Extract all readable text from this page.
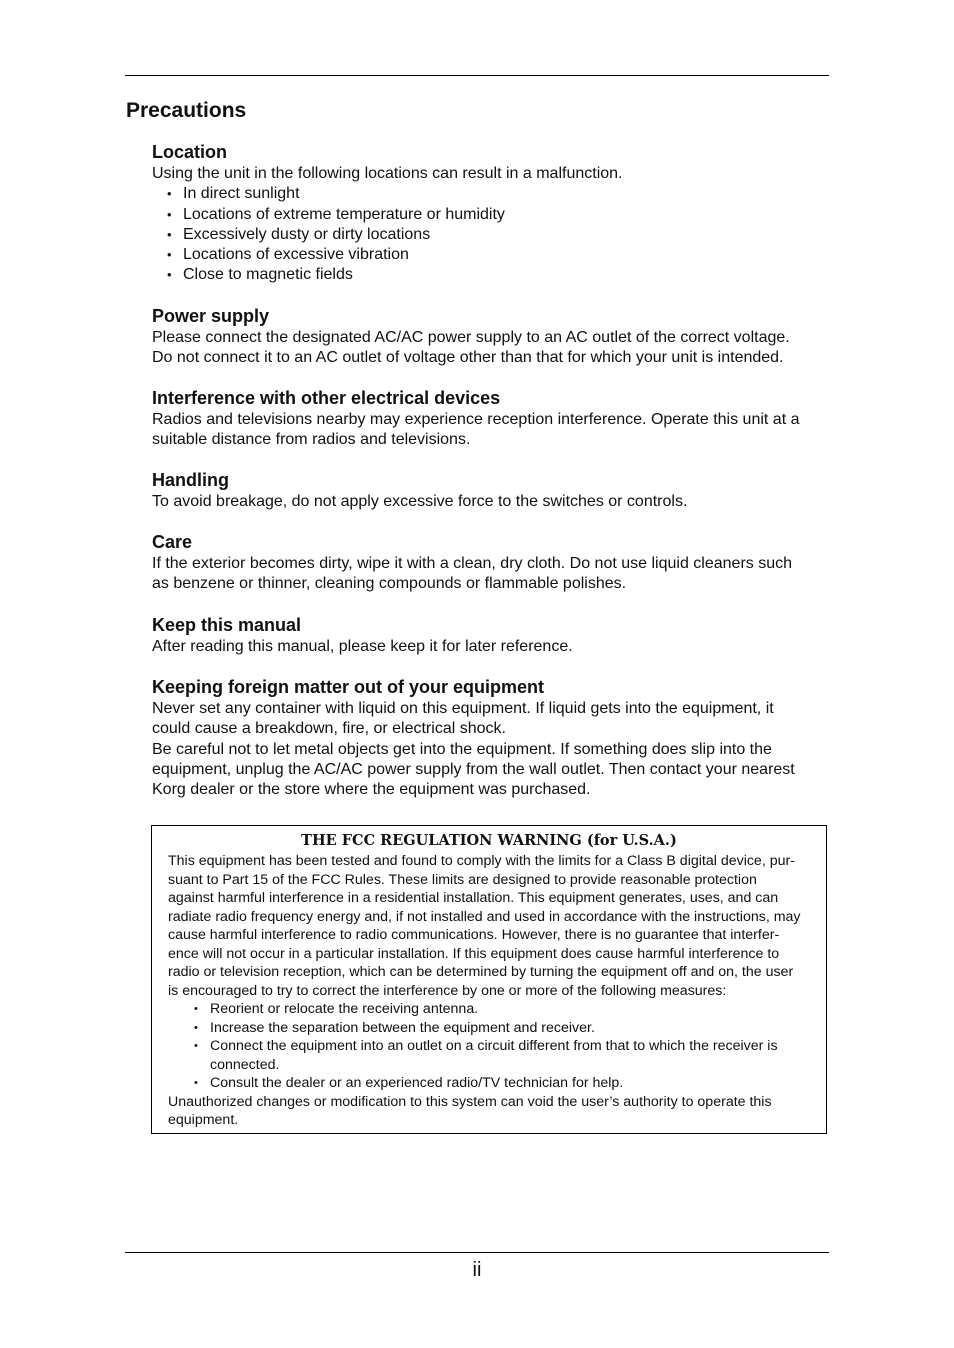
Precautions
Location

Using the unit in the following locations can result in a malfunction.

• In direct sunlight
• Locations of extreme temperature or humidity
• Excessively dusty or dirty locations
• Locations of excessive vibration
• Close to magnetic fields
Power supply

Please connect the designated AC/AC power supply to an AC outlet of the correct voltage.

Do not connect it to an AC outlet of voltage other than that for which your unit is intended.

Interference with other electrical devices

Radios and televisions nearby may experience reception interference. Operate this unit at a

suitable distance from radios and televisions.

Handling

To avoid breakage, do not apply excessive force to the switches or controls.

Care

If the exterior becomes dirty, wipe it with a clean, dry cloth. Do not use liquid cleaners such

as benzene or thinner, cleaning compounds or flammable polishes.

Keep this manual

After reading this manual, please keep it for later reference.

Keeping foreign matter out of your equipment

Never set any container with liquid on this equipment. If liquid gets into the equipment, it

could cause a breakdown, fire, or electrical shock.

Be careful not to let metal objects get into the equipment. If something does slip into the

equipment, unplug the AC/AC power supply from the wall outlet. Then contact your nearest

Korg dealer or the store where the equipment was purchased.

THE FCC REGULATION WARNING (for U.S.A.)

This equipment has been tested and found to comply with the limits for a Class B digital device, pur-

suant to Part 15 of the FCC Rules. These limits are designed to provide reasonable protection

against harmful interference in a residential installation. This equipment generates, uses, and can

radiate radio frequency energy and, if not installed and used in accordance with the instructions, may

cause harmful interference to radio communications. However, there is no guarantee that interfer-

ence will not occur in a particular installation. If this equipment does cause harmful interference to

radio or television reception, which can be determined by turning the equipment off and on, the user

is encouraged to try to correct the interference by one or more of the following measures:

• Reorient or relocate the receiving antenna.
• Increase the separation between the equipment and receiver.
• Connect the equipment into an outlet on a circuit different from that to which the receiver is
connected.
• Consult the dealer or an experienced radio/TV technician for help.

Unauthorized changes or modification to this system can void the user’s authority to operate this

equipment.

ii
